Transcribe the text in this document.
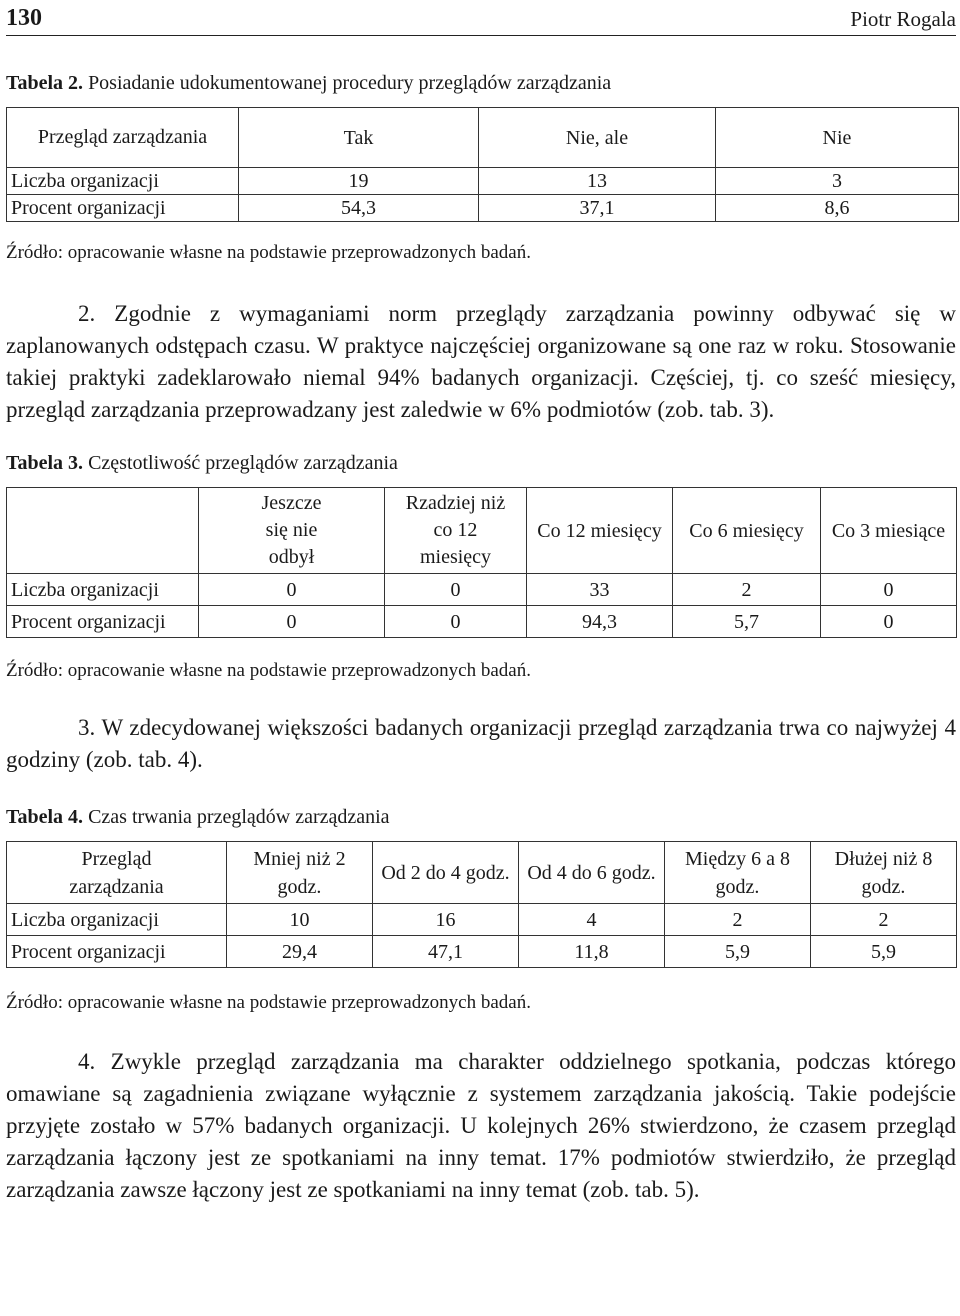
130	Piotr Rogala

Tabela 2. Posiadanie udokumentowanej procedury przeglądów zarządzania

Przegląd zarządzania	Tak	Nie, ale	Nie
Liczba organizacji	19	13	3
Procent organizacji	54,3	37,1	8,6

Źródło: opracowanie własne na podstawie przeprowadzonych badań.

2. Zgodnie z wymaganiami norm przeglądy zarządzania powinny odbywać się w zaplanowanych odstępach czasu. W praktyce najczęściej organizowane są one raz w roku. Stosowanie takiej praktyki zadeklarowało niemal 94% badanych organizacji. Częściej, tj. co sześć miesięcy, przegląd zarządzania przeprowadzany jest zaledwie w 6% podmiotów (zob. tab. 3).

Tabela 3. Częstotliwość przeglądów zarządzania

	Jeszcze się nie odbył	Rzadziej niż co 12 miesięcy	Co 12 miesięcy	Co 6 miesięcy	Co 3 miesiące
Liczba organizacji	0	0	33	2	0
Procent organizacji	0	0	94,3	5,7	0

Źródło: opracowanie własne na podstawie przeprowadzonych badań.

3. W zdecydowanej większości badanych organizacji przegląd zarządzania trwa co najwyżej 4 godziny (zob. tab. 4).

Tabela 4. Czas trwania przeglądów zarządzania

Przegląd zarządzania	Mniej niż 2 godz.	Od 2 do 4 godz.	Od 4 do 6 godz.	Między 6 a 8 godz.	Dłużej niż 8 godz.
Liczba organizacji	10	16	4	2	2
Procent organizacji	29,4	47,1	11,8	5,9	5,9

Źródło: opracowanie własne na podstawie przeprowadzonych badań.

4. Zwykle przegląd zarządzania ma charakter oddzielnego spotkania, podczas którego omawiane są zagadnienia związane wyłącznie z systemem zarządzania jakością. Takie podejście przyjęte zostało w 57% badanych organizacji. U kolejnych 26% stwierdzono, że czasem przegląd zarządzania łączony jest ze spotkaniami na inny temat. 17% podmiotów stwierdziło, że przegląd zarządzania zawsze łączony jest ze spotkaniami na inny temat (zob. tab. 5).
